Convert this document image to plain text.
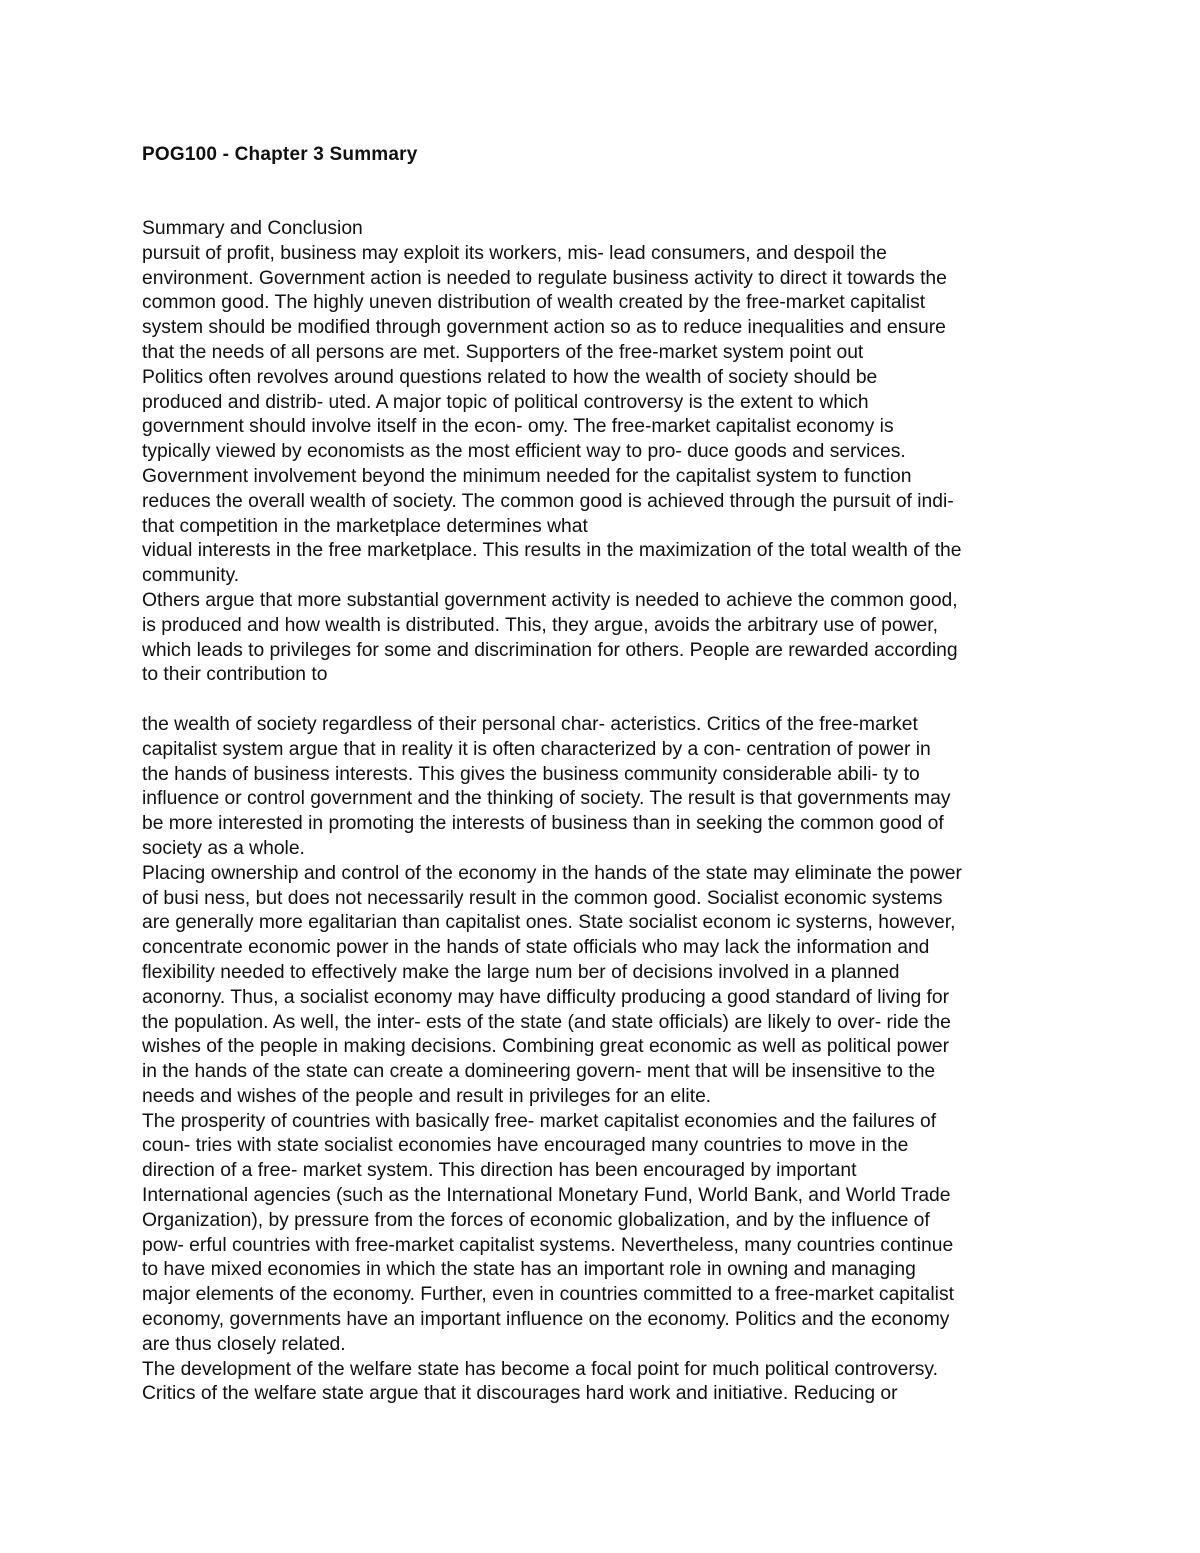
POG100 - Chapter 3 Summary
Summary and Conclusion
pursuit of profit, business may exploit its workers, mis- lead consumers, and despoil the
environment. Government action is needed to regulate business activity to direct it towards the
common good. The highly uneven distribution of wealth created by the free-market capitalist
system should be modified through government action so as to reduce inequalities and ensure
that the needs of all persons are met. Supporters of the free-market system point out
Politics often revolves around questions related to how the wealth of society should be
produced and distrib- uted. A major topic of political controversy is the extent to which
government should involve itself in the econ- omy. The free-market capitalist economy is
typically viewed by economists as the most efficient way to pro- duce goods and services.
Government involvement beyond the minimum needed for the capitalist system to function
reduces the overall wealth of society. The common good is achieved through the pursuit of indi-
that competition in the marketplace determines what
vidual interests in the free marketplace. This results in the maximization of the total wealth of the
community.
Others argue that more substantial government activity is needed to achieve the common good,
is produced and how wealth is distributed. This, they argue, avoids the arbitrary use of power,
which leads to privileges for some and discrimination for others. People are rewarded according
to their contribution to
the wealth of society regardless of their personal char- acteristics. Critics of the free-market
capitalist system argue that in reality it is often characterized by a con- centration of power in
the hands of business interests. This gives the business community considerable abili- ty to
influence or control government and the thinking of society. The result is that governments may
be more interested in promoting the interests of business than in seeking the common good of
society as a whole.
Placing ownership and control of the economy in the hands of the state may eliminate the power
of busi ness, but does not necessarily result in the common good. Socialist economic systems
are generally more egalitarian than capitalist ones. State socialist econom ic systerns, however,
concentrate economic power in the hands of state officials who may lack the information and
flexibility needed to effectively make the large num ber of decisions involved in a planned
aconorny. Thus, a socialist economy may have difficulty producing a good standard of living for
the population. As well, the inter- ests of the state (and state officials) are likely to over- ride the
wishes of the people in making decisions. Combining great economic as well as political power
in the hands of the state can create a domineering govern- ment that will be insensitive to the
needs and wishes of the people and result in privileges for an elite.
The prosperity of countries with basically free- market capitalist economies and the failures of
coun- tries with state socialist economies have encouraged many countries to move in the
direction of a free- market system. This direction has been encouraged by important
International agencies (such as the International Monetary Fund, World Bank, and World Trade
Organization), by pressure from the forces of economic globalization, and by the influence of
pow- erful countries with free-market capitalist systems. Nevertheless, many countries continue
to have mixed economies in which the state has an important role in owning and managing
major elements of the economy. Further, even in countries committed to a free-market capitalist
economy, governments have an important influence on the economy. Politics and the economy
are thus closely related.
The development of the welfare state has become a focal point for much political controversy.
Critics of the welfare state argue that it discourages hard work and initiative. Reducing or
